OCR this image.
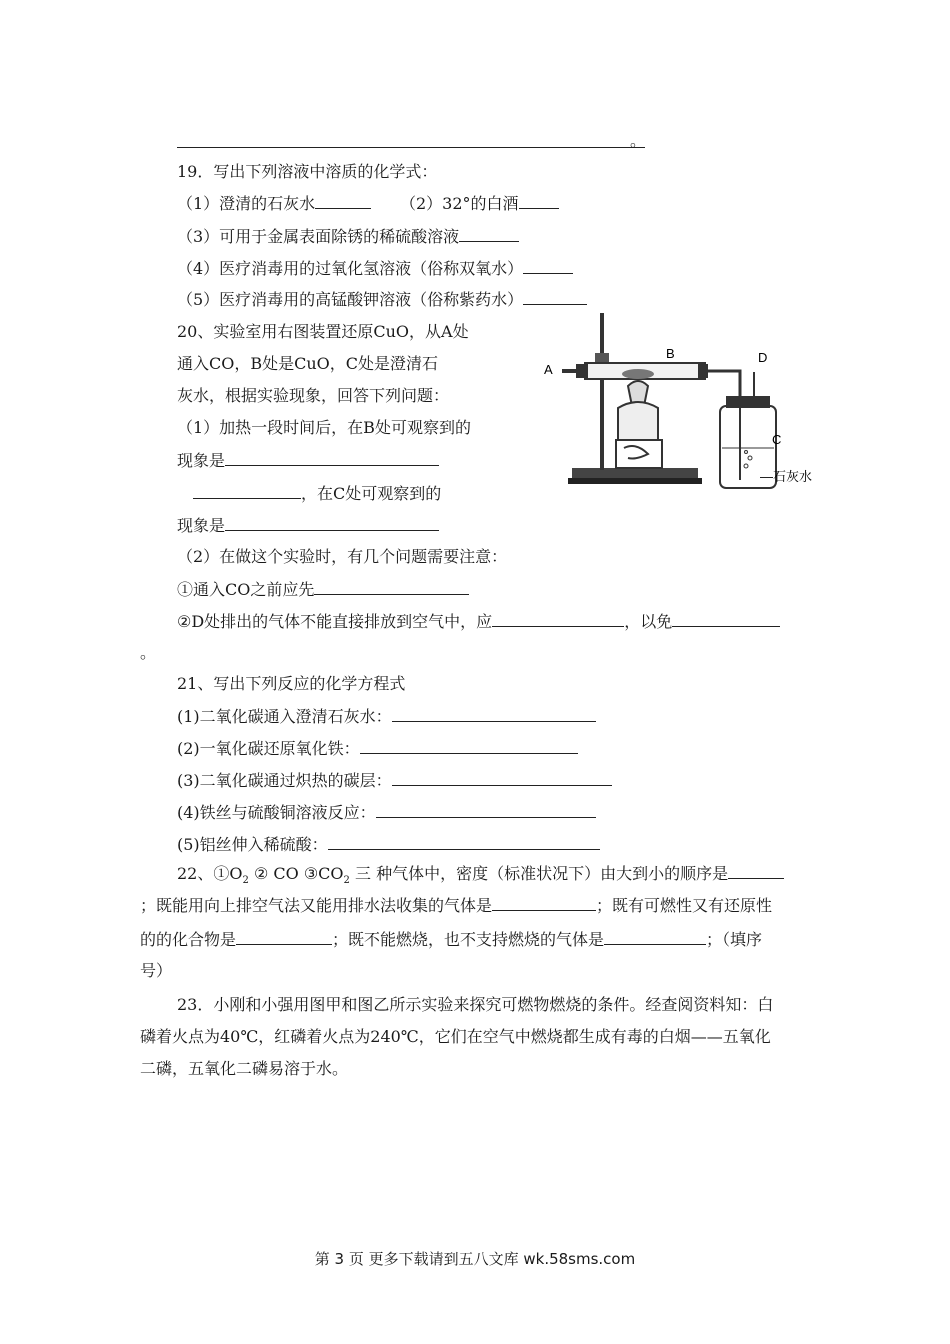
。
19．写出下列溶液中溶质的化学式：
（1）澄清的石灰水	（2）32°的白酒
（3）可用于金属表面除锈的稀硫酸溶液
（4）医疗消毒用的过氧化氢溶液（俗称双氧水）
（5）医疗消毒用的高锰酸钾溶液（俗称紫药水）
20、实验室用右图装置还原CuO，从A处
通入CO，B处是CuO，C处是澄清石
灰水，根据实验现象，回答下列问题：
（1）加热一段时间后，在B处可观察到的
现象是
，在C处可观察到的
现象是
（2）在做这个实验时，有几个问题需要注意：
①通入CO之前应先
②D处排出的气体不能直接排放到空气中，应	，以免
。
A
B
C
D
—石灰水
21、写出下列反应的化学方程式
(1)二氧化碳通入澄清石灰水：
(2)一氧化碳还原氧化铁：
(3)二氧化碳通过炽热的碳层：
(4)铁丝与硫酸铜溶液反应：
(5)铝丝伸入稀硫酸：
22、$①O_2$ ② CO $③CO_2$ 三 种气体中，密度（标准状况下）由大到小的顺序是
；既能用向上排空气法又能用排水法收集的气体是	；既有可燃性又有还原性
的的化合物是	；既不能燃烧，也不支持燃烧的气体是	；（填序
号）
23．小刚和小强用图甲和图乙所示实验来探究可燃物燃烧的条件。经查阅资料知：白
磷着火点为40℃，红磷着火点为240℃，它们在空气中燃烧都生成有毒的白烟——五氧化
二磷，五氧化二磷易溶于水。
第 3 页 更多下载请到五八文库 wk.58sms.com
